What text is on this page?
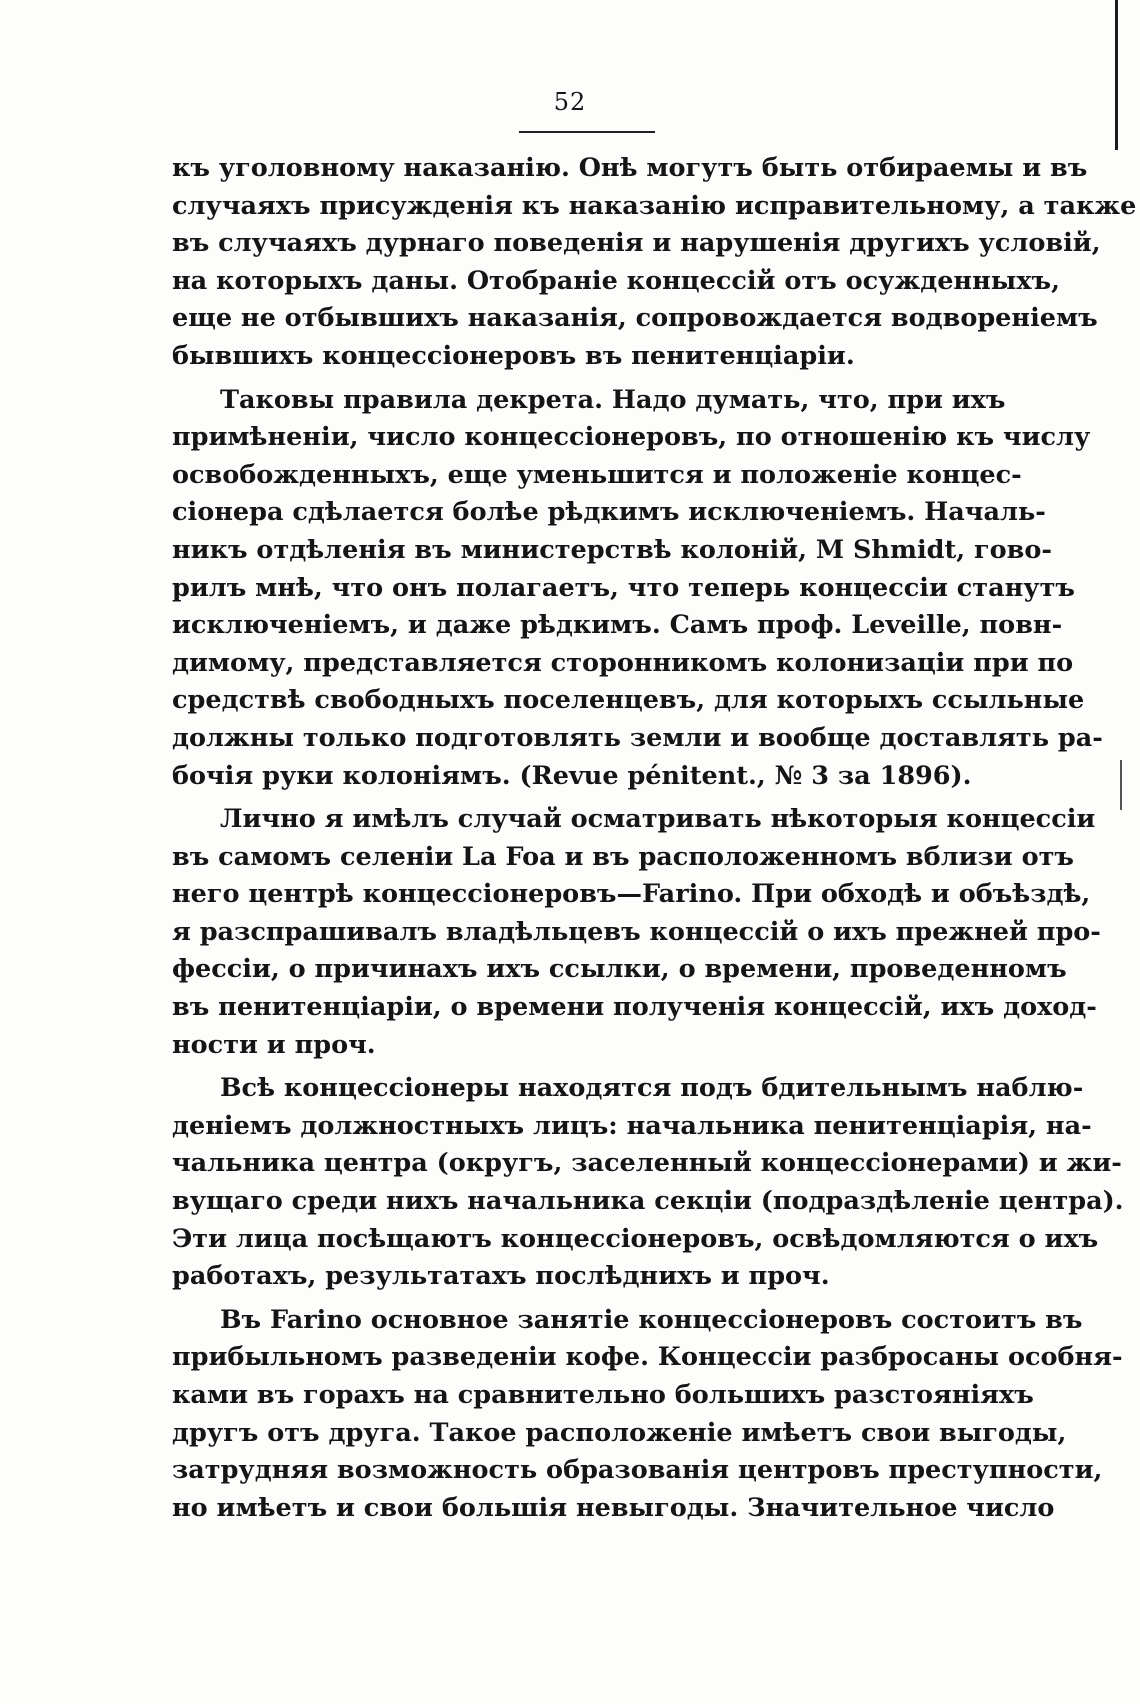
52
къ уголовному наказанію. Онѣ могутъ быть отбираемы и въ
случаяхъ присужденія къ наказанію исправительному, а также
въ случаяхъ дурнаго поведенія и нарушенія другихъ условій,
на которыхъ даны. Отобраніе концессій отъ осужденныхъ,
еще не отбывшихъ наказанія, сопровождается водвореніемъ
бывшихъ концессіонеровъ въ пенитенціаріи.
Таковы правила декрета. Надо думать, что, при ихъ
примѣненіи, число концессіонеровъ, по отношенію къ числу
освобожденныхъ, еще уменьшится и положеніе концес-
сіонера сдѣлается болѣе рѣдкимъ исключеніемъ. Началь-
никъ отдѣленія въ министерствѣ колоній, M Shmidt, гово-
рилъ мнѣ, что онъ полагаетъ, что теперь концессіи станутъ
исключеніемъ, и даже рѣдкимъ. Самъ проф. Leveille, повн-
димому, представляется сторонникомъ колонизаціи при по
средствѣ свободныхъ поселенцевъ, для которыхъ ссыльные
должны только подготовлять земли и вообще доставлять ра-
бочія руки колоніямъ. (Revue pénitent., № 3 за 1896).
Лично я имѣлъ случай осматривать нѣкоторыя концессіи
въ самомъ селеніи La Foa и въ расположенномъ вблизи отъ
него центрѣ концессіонеровъ—Farino. При обходѣ и объѣздѣ,
я разспрашивалъ владѣльцевъ концессій о ихъ прежней про-
фессіи, о причинахъ ихъ ссылки, о времени, проведенномъ
въ пенитенціаріи, о времени полученія концессій, ихъ доход-
ности и проч.
Всѣ концессіонеры находятся подъ бдительнымъ наблю-
деніемъ должностныхъ лицъ: начальника пенитенціарія, на-
чальника центра (округъ, заселенный концессіонерами) и жи-
вущаго среди нихъ начальника секціи (подраздѣленіе центра).
Эти лица посѣщаютъ концессіонеровъ, освѣдомляются о ихъ
работахъ, результатахъ послѣднихъ и проч.
Въ Farino основное занятіе концессіонеровъ состоитъ въ
прибыльномъ разведеніи кофе. Концессіи разбросаны особня-
ками въ горахъ на сравнительно большихъ разстояніяхъ
другъ отъ друга. Такое расположеніе имѣетъ свои выгоды,
затрудняя возможность образованія центровъ преступности,
но имѣетъ и свои большія невыгоды. Значительное число
